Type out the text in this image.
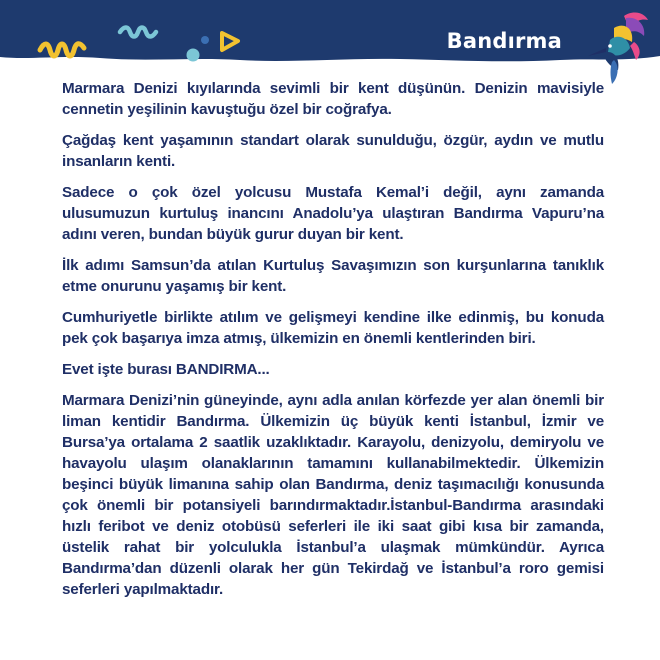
Bandırma

Marmara Denizi kıyılarında sevimli bir kent düşünün. Denizin mavisiyle cennetin yeşilinin kavuştuğu özel bir coğrafya.

Çağdaş kent yaşamının standart olarak sunulduğu, özgür, aydın ve mutlu insanların kenti.

Sadece o çok özel yolcusu Mustafa Kemal’i değil, aynı zamanda ulusumuzun kurtuluş inancını Anadolu’ya ulaştıran Bandırma Vapuru’na adını veren, bundan büyük gurur duyan bir kent.

İlk adımı Samsun’da atılan Kurtuluş Savaşımızın son kurşunlarına tanıklık etme onurunu yaşamış bir kent.

Cumhuriyetle birlikte atılım ve gelişmeyi kendine ilke edinmiş, bu konuda pek çok başarıya imza atmış, ülkemizin en önemli kentlerinden biri.

Evet işte burası BANDIRMA...

Marmara Denizi’nin güneyinde, aynı adla anılan körfezde yer alan önemli bir liman kentidir Bandırma. Ülkemizin üç büyük kenti İstanbul, İzmir ve Bursa’ya ortalama 2 saatlik uzaklıktadır. Karayolu, denizyolu, demiryolu ve havayolu ulaşım olanaklarının tamamını kullanabilmektedir. Ülkemizin beşinci büyük limanına sahip olan Bandırma, deniz taşımacılığı konusunda çok önemli bir potansiyeli barındırmaktadır.İstanbul-Bandırma arasındaki hızlı feribot ve deniz otobüsü seferleri ile iki saat gibi kısa bir zamanda, üstelik rahat bir yolculukla İstanbul’a ulaşmak mümkündür. Ayrıca Bandırma’dan düzenli olarak her gün Tekirdağ ve İstanbul’a roro gemisi seferleri yapılmaktadır.
